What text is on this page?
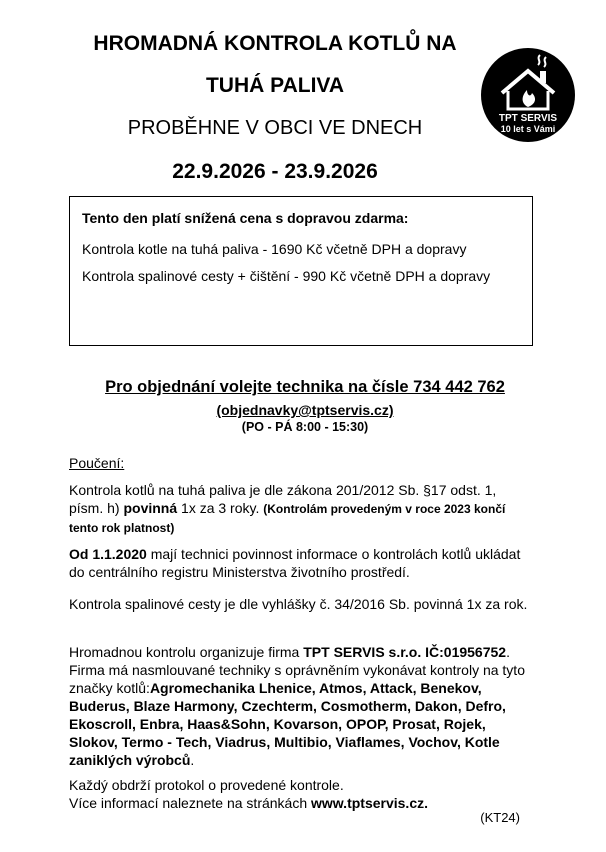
HROMADNÁ KONTROLA KOTLŮ NA
TUHÁ PALIVA
PROBĚHNE V OBCI VE DNECH
22.9.2026 - 23.9.2026
TPT SERVIS
10 let s Vámi

Tento den platí snížená cena s dopravou zdarma:

Kontrola kotle na tuhá paliva - 1690 Kč včetně DPH a dopravy

Kontrola spalinové cesty + čištění - 990 Kč včetně DPH a dopravy

Pro objednání volejte technika na čísle 734 442 762
(objednavky@tptservis.cz)
(PO - PÁ 8:00 - 15:30)
Poučení:

Kontrola kotlů na tuhá paliva je dle zákona 201/2012 Sb. §17 odst. 1, písm. h) povinná 1x za 3 roky. (Kontrolám provedeným v roce 2023 končí tento rok platnost)

Od 1.1.2020 mají technici povinnost informace o kontrolách kotlů ukládat do centrálního registru Ministerstva životního prostředí.

Kontrola spalinové cesty je dle vyhlášky č. 34/2016 Sb. povinná 1x za rok.

Hromadnou kontrolu organizuje firma TPT SERVIS s.r.o. IČ:01956752. Firma má nasmlouvané techniky s oprávněním vykonávat kontroly na tyto značky kotlů:Agromechanika Lhenice, Atmos, Attack, Benekov, Buderus, Blaze Harmony, Czechterm, Cosmotherm, Dakon, Defro, Ekoscroll, Enbra, Haas&Sohn, Kovarson, OPOP, Prosat, Rojek, Slokov, Termo - Tech, Viadrus, Multibio, Viaflames, Vochov, Kotle zaniklých výrobců.

Každý obdrží protokol o provedené kontrole.

Více informací naleznete na stránkách www.tptservis.cz.

(KT24)
